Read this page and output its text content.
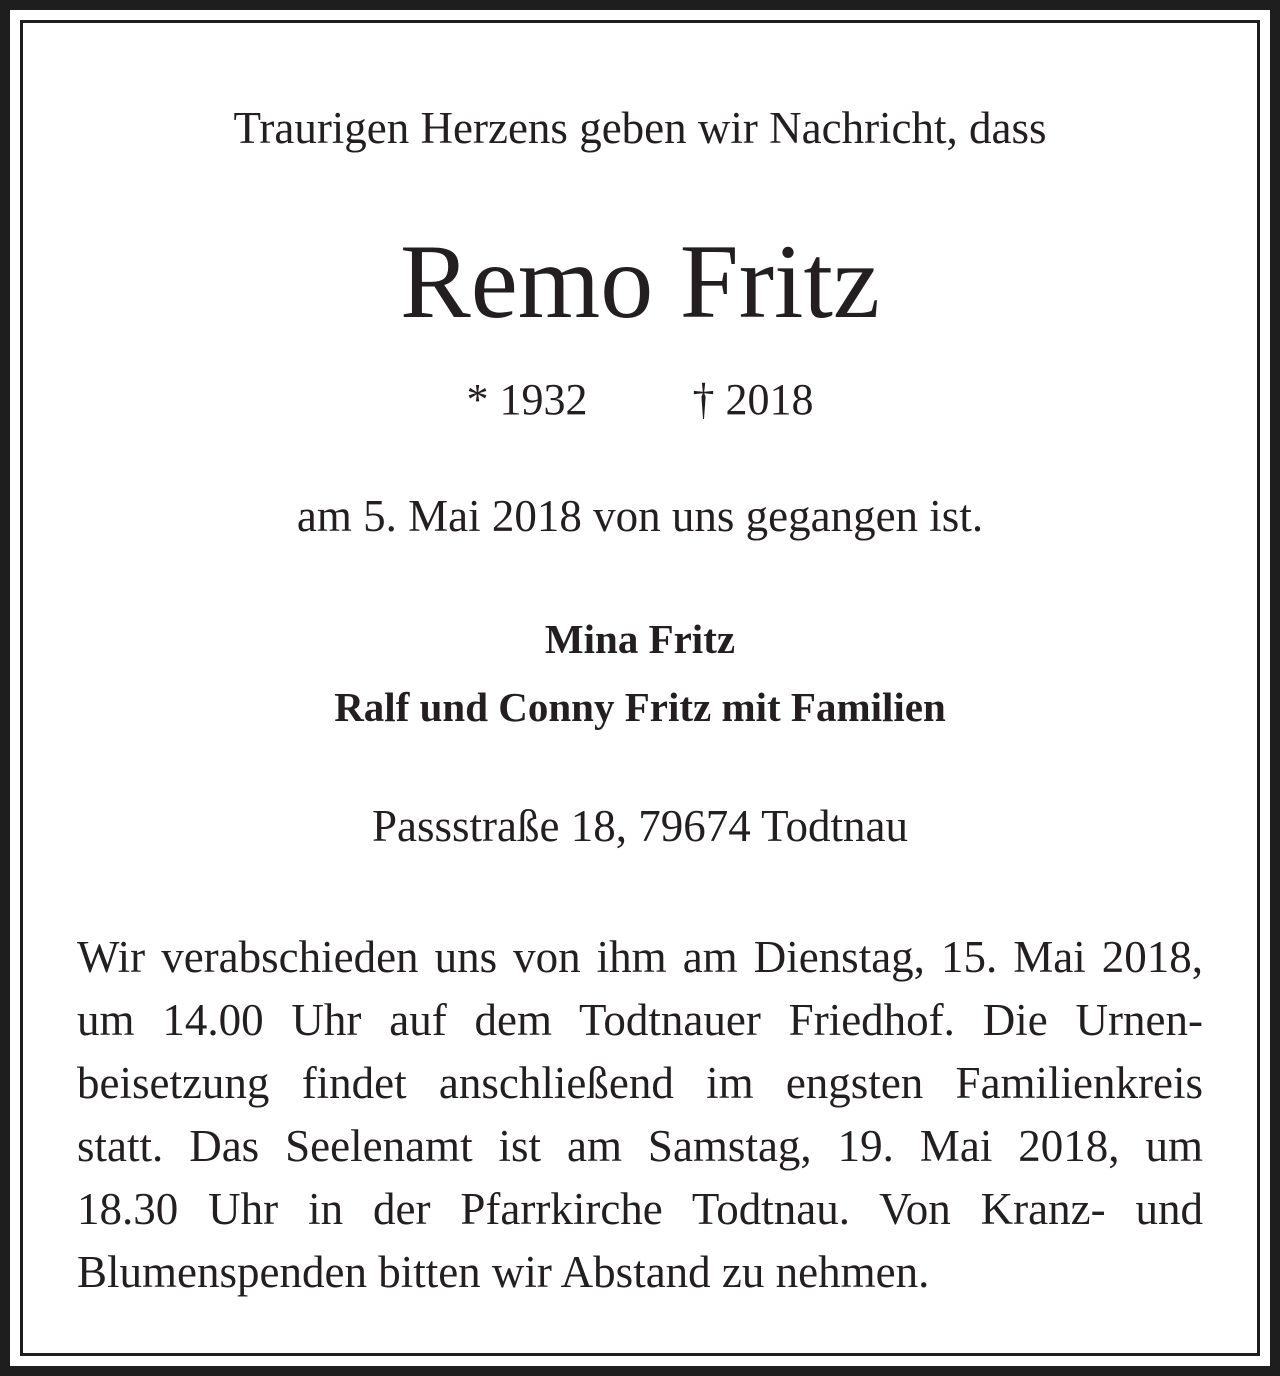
Traurigen Herzens geben wir Nachricht, dass
Remo Fritz
* 1932 † 2018
am 5. Mai 2018 von uns gegangen ist.
Mina Fritz
Ralf und Conny Fritz mit Familien
Passstraße 18, 79674 Todtnau
Wir verabschieden uns von ihm am Dienstag, 15. Mai 2018,
um 14.00 Uhr auf dem Todtnauer Friedhof. Die Urnen-
beisetzung findet anschließend im engsten Familienkreis
statt. Das Seelenamt ist am Samstag, 19. Mai 2018, um
18.30 Uhr in der Pfarrkirche Todtnau. Von Kranz- und
Blumenspenden bitten wir Abstand zu nehmen.
